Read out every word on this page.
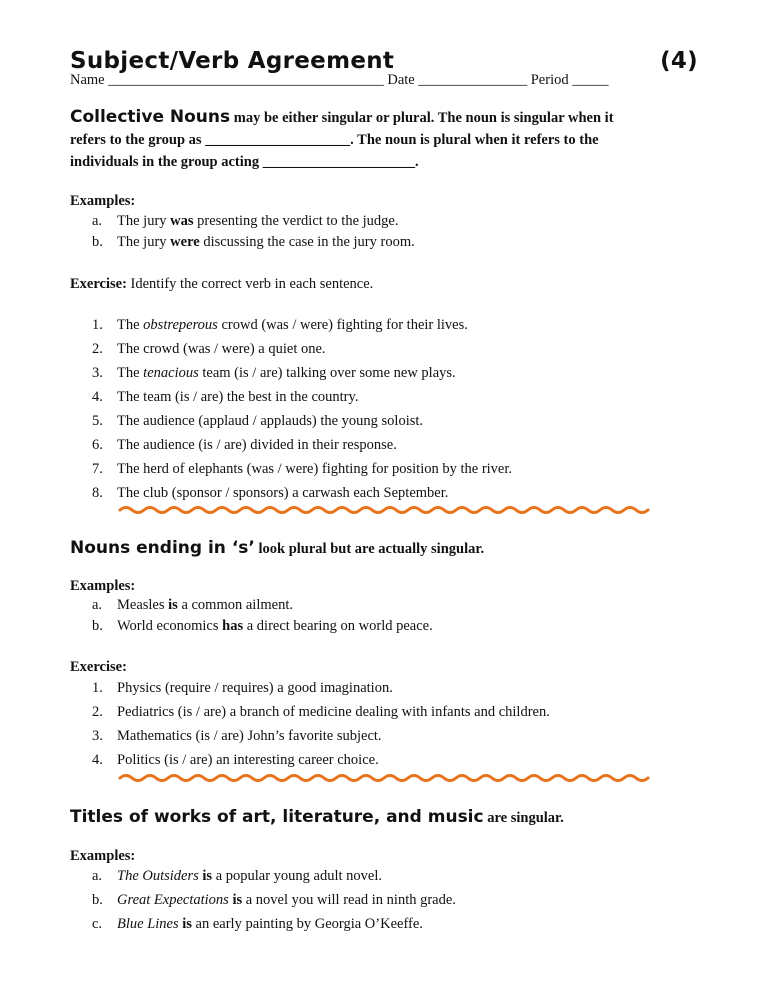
Subject/Verb Agreement	(4)
Name ______________________________________ Date _______________ Period _____
Collective Nouns may be either singular or plural. The noun is singular when it
refers to the group as ____________________. The noun is plural when it refers to the
individuals in the group acting _____________________.
Examples:
a. The jury was presenting the verdict to the judge.
b. The jury were discussing the case in the jury room.
Exercise: Identify the correct verb in each sentence.
1. The obstreperous crowd (was / were) fighting for their lives.
2. The crowd (was / were) a quiet one.
3. The tenacious team (is / are) talking over some new plays.
4. The team (is / are) the best in the country.
5. The audience (applaud / applauds) the young soloist.
6. The audience (is / are) divided in their response.
7. The herd of elephants (was / were) fighting for position by the river.
8. The club (sponsor / sponsors) a carwash each September.
Nouns ending in ‘s’ look plural but are actually singular.
Examples:
a. Measles is a common ailment.
b. World economics has a direct bearing on world peace.
Exercise:
1. Physics (require / requires) a good imagination.
2. Pediatrics (is / are) a branch of medicine dealing with infants and children.
3. Mathematics (is / are) John’s favorite subject.
4. Politics (is / are) an interesting career choice.
Titles of works of art, literature, and music are singular.
Examples:
a. The Outsiders is a popular young adult novel.
b. Great Expectations is a novel you will read in ninth grade.
c. Blue Lines is an early painting by Georgia O’Keeffe.
